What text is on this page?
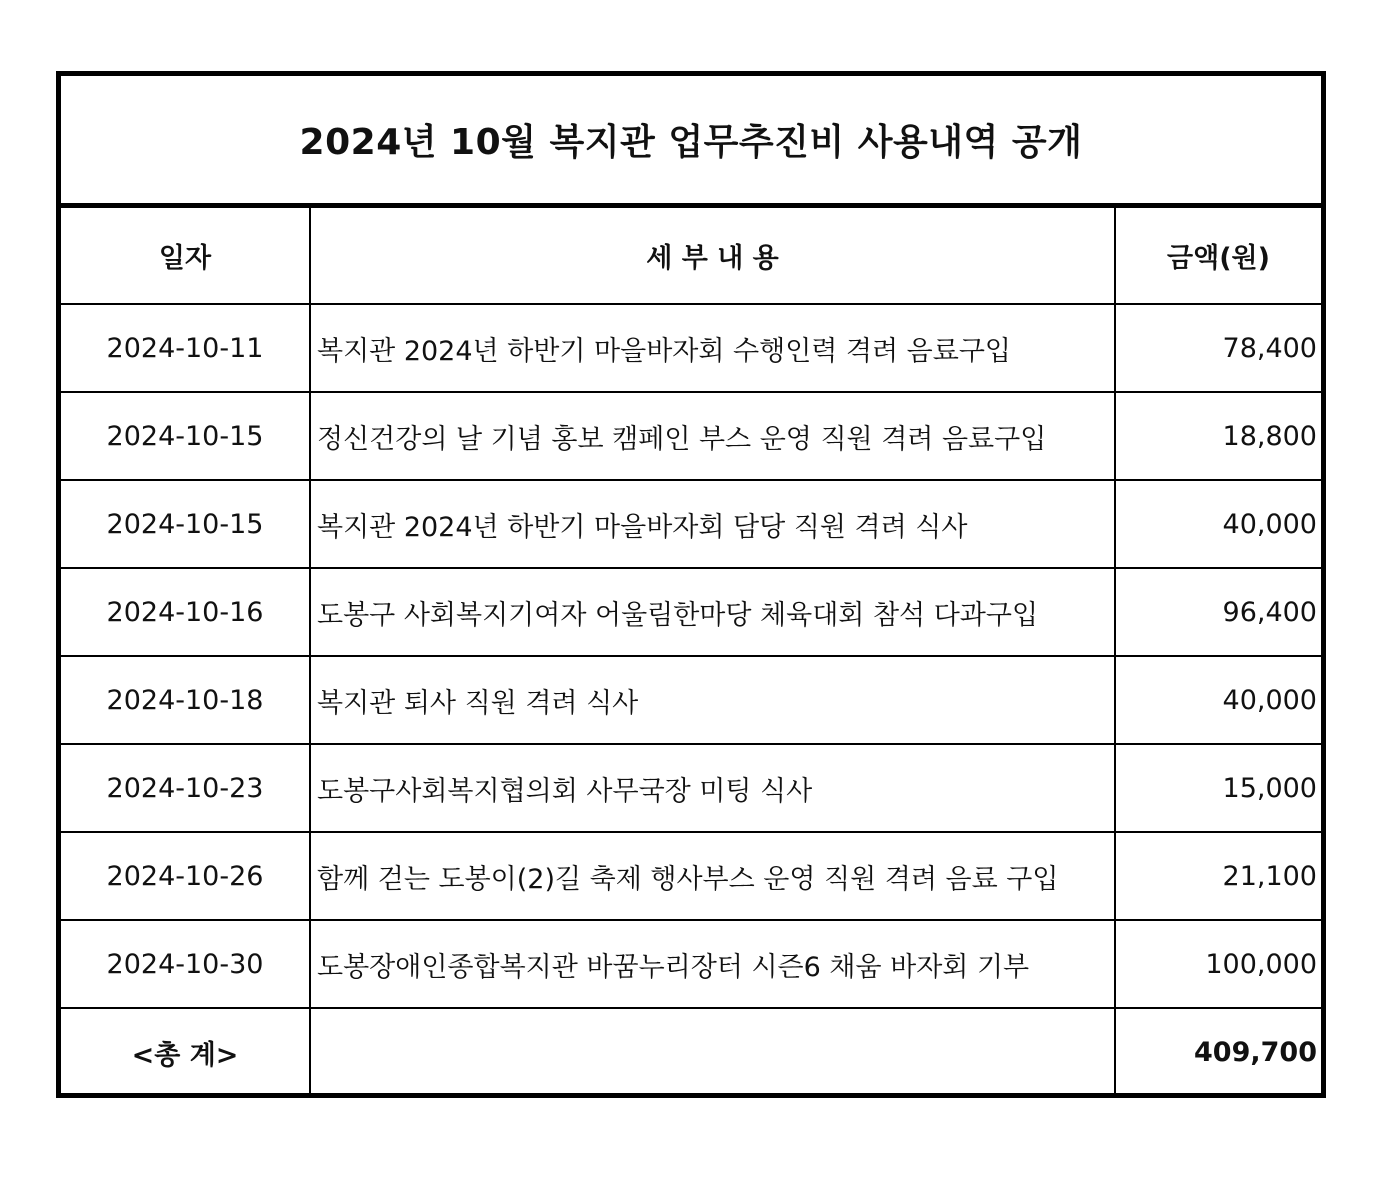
2024년 10월 복지관 업무추진비 사용내역 공개		
일자	세 부 내 용	금액(원)
2024-10-11	복지관 2024년 하반기 마을바자회 수행인력 격려 음료구입	78,400
2024-10-15	정신건강의 날 기념 홍보 캠페인 부스 운영 직원 격려 음료구입	18,800
2024-10-15	복지관 2024년 하반기 마을바자회 담당 직원 격려 식사	40,000
2024-10-16	도봉구 사회복지기여자 어울림한마당 체육대회 참석 다과구입	96,400
2024-10-18	복지관 퇴사 직원 격려 식사	40,000
2024-10-23	도봉구사회복지협의회 사무국장 미팅 식사	15,000
2024-10-26	함께 걷는 도봉이(2)길 축제 행사부스 운영 직원 격려 음료 구입	21,100
2024-10-30	도봉장애인종합복지관 바꿈누리장터 시즌6 채움 바자회 기부	100,000
<총 계>		409,700
